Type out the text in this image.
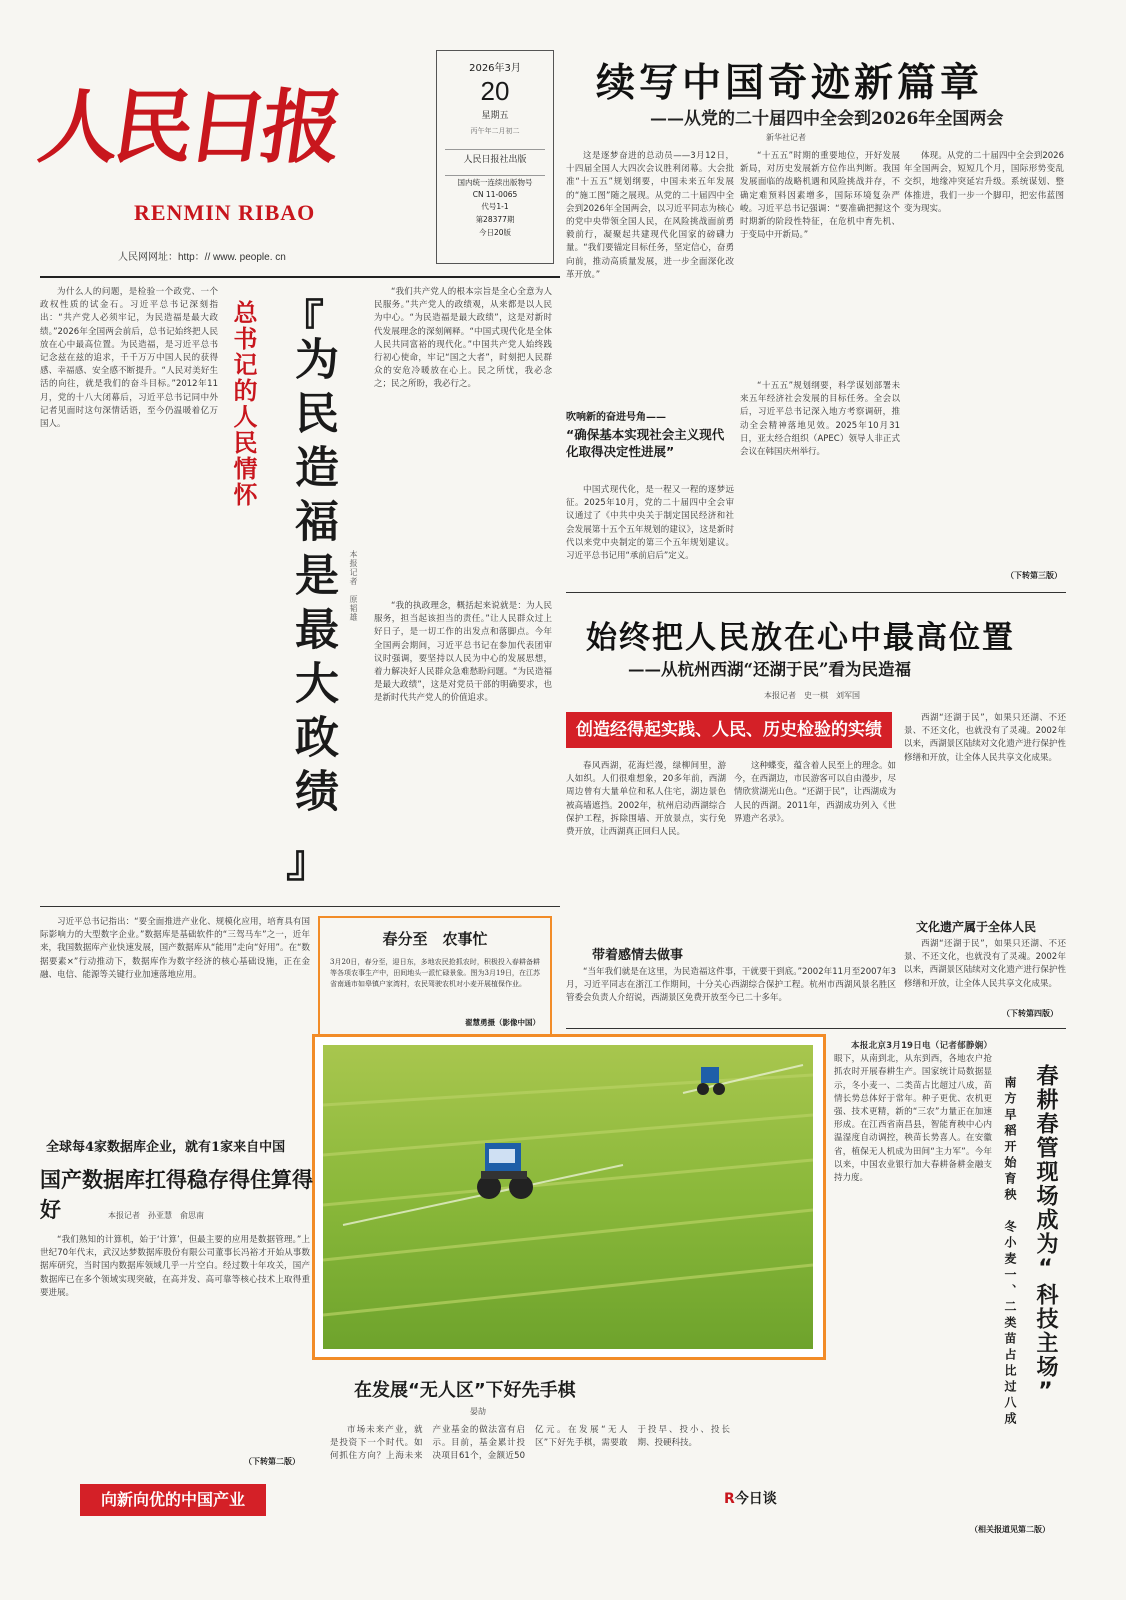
人民日报
RENMIN RIBAO
人民网网址：http：// www. people. cn
2026年3月
20
星期五
丙午年二月初二
人民日报社出版
国内统一连续出版物号
CN 11-0065
代号1-1
第28377期
今日20版
续写中国奇迹新篇章
——从党的二十届四中全会到2026年全国两会
新华社记者

这是逐梦奋进的总动员——3月12日，十四届全国人大四次会议胜利闭幕。大会批准“十五五”规划纲要，中国未来五年发展的“施工图”随之展现。从党的二十届四中全会到2026年全国两会，以习近平同志为核心的党中央带领全国人民，在风险挑战面前勇毅前行，凝聚起共建现代化国家的磅礴力量。“我们要锚定目标任务，坚定信心，奋勇向前，推动高质量发展，进一步全面深化改革开放。”

“十五五”时期的重要地位，开好发展新局，对历史发展新方位作出判断。我国发展面临的战略机遇和风险挑战并存，不确定难预料因素增多，国际环境复杂严峻。习近平总书记强调：“要准确把握这个时期新的阶段性特征，在危机中育先机、于变局中开新局。”

体现。从党的二十届四中全会到2026年全国两会，短短几个月，国际形势变乱交织，地缘冲突延宕升级。系统谋划、整体推进，我们一步一个脚印，把宏伟蓝图变为现实。

吹响新的奋进号角——
“确保基本实现社会主义现代化取得决定性进展”

中国式现代化，是一程又一程的逐梦远征。2025年10月，党的二十届四中全会审议通过了《中共中央关于制定国民经济和社会发展第十五个五年规划的建议》，这是新时代以来党中央制定的第三个五年规划建议。习近平总书记用“承前启后”定义。

“十五五”规划纲要，科学谋划部署未来五年经济社会发展的目标任务。全会以后，习近平总书记深入地方考察调研，推动全会精神落地见效。2025年10月31日，亚太经合组织（APEC）领导人非正式会议在韩国庆州举行。

（下转第三版）
总书记的人民情怀 『
为民造福是最大政绩
』
本报记者　原韬雄

为什么人的问题，是检验一个政党、一个政权性质的试金石。习近平总书记深刻指出：“共产党人必须牢记，为民造福是最大政绩。”2026年全国两会前后，总书记始终把人民放在心中最高位置。为民造福，是习近平总书记念兹在兹的追求，千千万万中国人民的获得感、幸福感、安全感不断提升。“人民对美好生活的向往，就是我们的奋斗目标。”2012年11月，党的十八大闭幕后，习近平总书记同中外记者见面时这句深情话语，至今仍温暖着亿万国人。

“我们共产党人的根本宗旨是全心全意为人民服务。”共产党人的政绩观，从来都是以人民为中心。“为民造福是最大政绩”，这是对新时代发展理念的深刻阐释。“中国式现代化是全体人民共同富裕的现代化。”中国共产党人始终践行初心使命，牢记“国之大者”，时刻把人民群众的安危冷暖放在心上。民之所忧，我必念之；民之所盼，我必行之。

“我的执政理念，概括起来说就是：为人民服务，担当起该担当的责任。”让人民群众过上好日子，是一切工作的出发点和落脚点。今年全国两会期间，习近平总书记在参加代表团审议时强调，要坚持以人民为中心的发展思想，着力解决好人民群众急难愁盼问题。“为民造福是最大政绩”，这是对党员干部的明确要求，也是新时代共产党人的价值追求。

始终把人民放在心中最高位置
——从杭州西湖“还湖于民”看为民造福
本报记者　史一棋　刘军国
创造经得起实践、人民、历史检验的实绩

春风西湖，花海烂漫，绿柳间里，游人如织。人们很难想象，20多年前，西湖周边曾有大量单位和私人住宅，湖边景色被高墙遮挡。2002年，杭州启动西湖综合保护工程，拆除围墙、开放景点，实行免费开放，让西湖真正回归人民。

带着感情去做事

“当年我们就是在这里，为民造福这件事，干就要干到底。”2002年11月至2007年3月，习近平同志在浙江工作期间，十分关心西湖综合保护工程。杭州市西湖风景名胜区管委会负责人介绍说，西湖景区免费开放至今已二十多年。

这种蝶变，蕴含着人民至上的理念。如今，在西湖边，市民游客可以自由漫步，尽情欣赏湖光山色。“还湖于民”，让西湖成为人民的西湖。2011年，西湖成功列入《世界遗产名录》。

西湖“还湖于民”，如果只还湖、不还景、不还文化，也就没有了灵魂。2002年以来，西湖景区陆续对文化遗产进行保护性修缮和开放，让全体人民共享文化成果。

文化遗产属于全体人民

西湖“还湖于民”，如果只还湖、不还景、不还文化，也就没有了灵魂。2002年以来，西湖景区陆续对文化遗产进行保护性修缮和开放，让全体人民共享文化成果。

（下转第四版）
春分至　农事忙
3月20日，春分至，迎日东，多地农民抢抓农时，积极投入春耕备耕等各项农事生产中，田间地头一派忙碌景象。图为3月19日，在江苏省南通市如皋镇户家湾村，农民驾驶农机对小麦开展植保作业。
翟慧勇摄（影像中国）

习近平总书记指出：“要全面推进产业化、规模化应用，培育具有国际影响力的大型数字企业。”数据库是基础软件的“三驾马车”之一，近年来，我国数据库产业快速发展，国产数据库从“能用”走向“好用”。在“数据要素×”行动推动下，数据库作为数字经济的核心基础设施，正在金融、电信、能源等关键行业加速落地应用。

全球每4家数据库企业，就有1家来自中国
国产数据库扛得稳存得住算得好	本报记者　孙亚慧　俞思南

“我们熟知的计算机，始于‘计算’，但最主要的应用是数据管理。”上世纪70年代末，武汉达梦数据库股份有限公司董事长冯裕才开始从事数据库研究，当时国内数据库领域几乎一片空白。经过数十年攻关，国产数据库已在多个领域实现突破，在高并发、高可靠等核心技术上取得重要进展。

（下转第二版）
向新向优的中国产业
在发展“无人区”下好先手棋
晏劼

市场未来产业，就是投资下一个时代。如何抓住方向？上海未来产业基金的做法富有启示。目前，基金累计投决项目61个，金额近50亿元。在发展“无人区”下好先手棋，需要敢于投早、投小、投长期、投硬科技。

R今日谈

本报北京3月19日电（记者郁静娴）眼下，从南到北，从东到西，各地农户抢抓农时开展春耕生产。国家统计局数据显示，冬小麦一、二类苗占比超过八成，苗情长势总体好于常年。种子更优、农机更强、技术更精，新的“三农”力量正在加速形成。在江西省南昌县，智能育秧中心内温湿度自动调控，秧苗长势喜人。在安徽省，植保无人机成为田间“主力军”。今年以来，中国农业银行加大春耕备耕金融支持力度。	春耕春管现场成为“科技主场”
南方早稻开始育秧　冬小麦一、二类苗占比过八成
（相关报道见第二版）
